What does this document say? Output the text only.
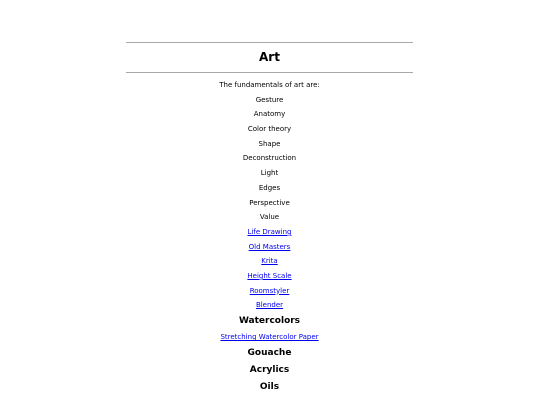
Art
The fundamentals of art are:
Gesture
Anatomy
Color theory
Shape
Deconstruction
Light
Edges
Perspective
Value
Life Drawing
Old Masters
Krita
Height Scale
Roomstyler
Blender
Watercolors
Stretching Watercolor Paper
Gouache
Acrylics
Oils
